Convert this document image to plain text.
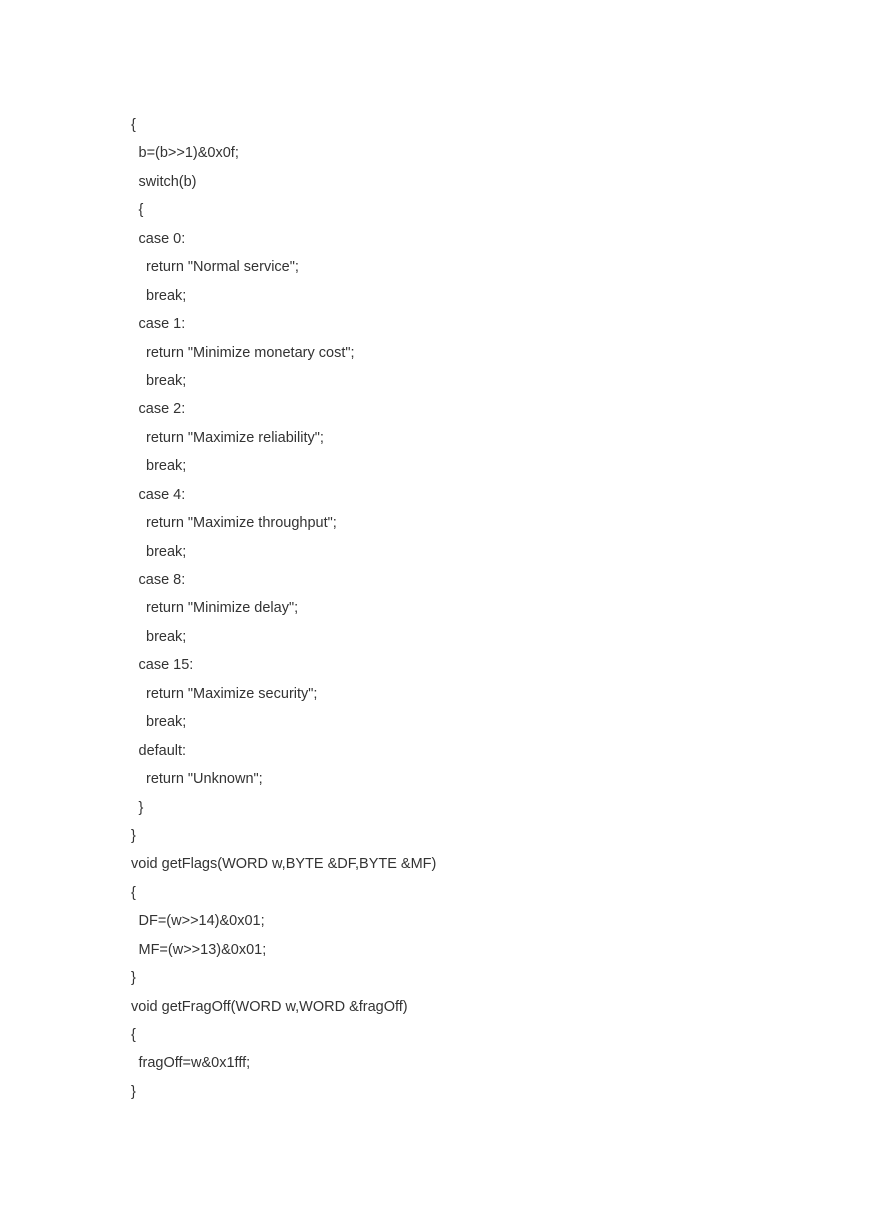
{
b=(b>>1)&0x0f;
switch(b)
{
case 0:
return "Normal service";
break;
case 1:
return "Minimize monetary cost";
break;
case 2:
return "Maximize reliability";
break;
case 4:
return "Maximize throughput";
break;
case 8:
return "Minimize delay";
break;
case 15:
return "Maximize security";
break;
default:
return "Unknown";
}
}
void getFlags(WORD w,BYTE &DF,BYTE &MF)
{
DF=(w>>14)&0x01;
MF=(w>>13)&0x01;
}
void getFragOff(WORD w,WORD &fragOff)
{
fragOff=w&0x1fff;
}
